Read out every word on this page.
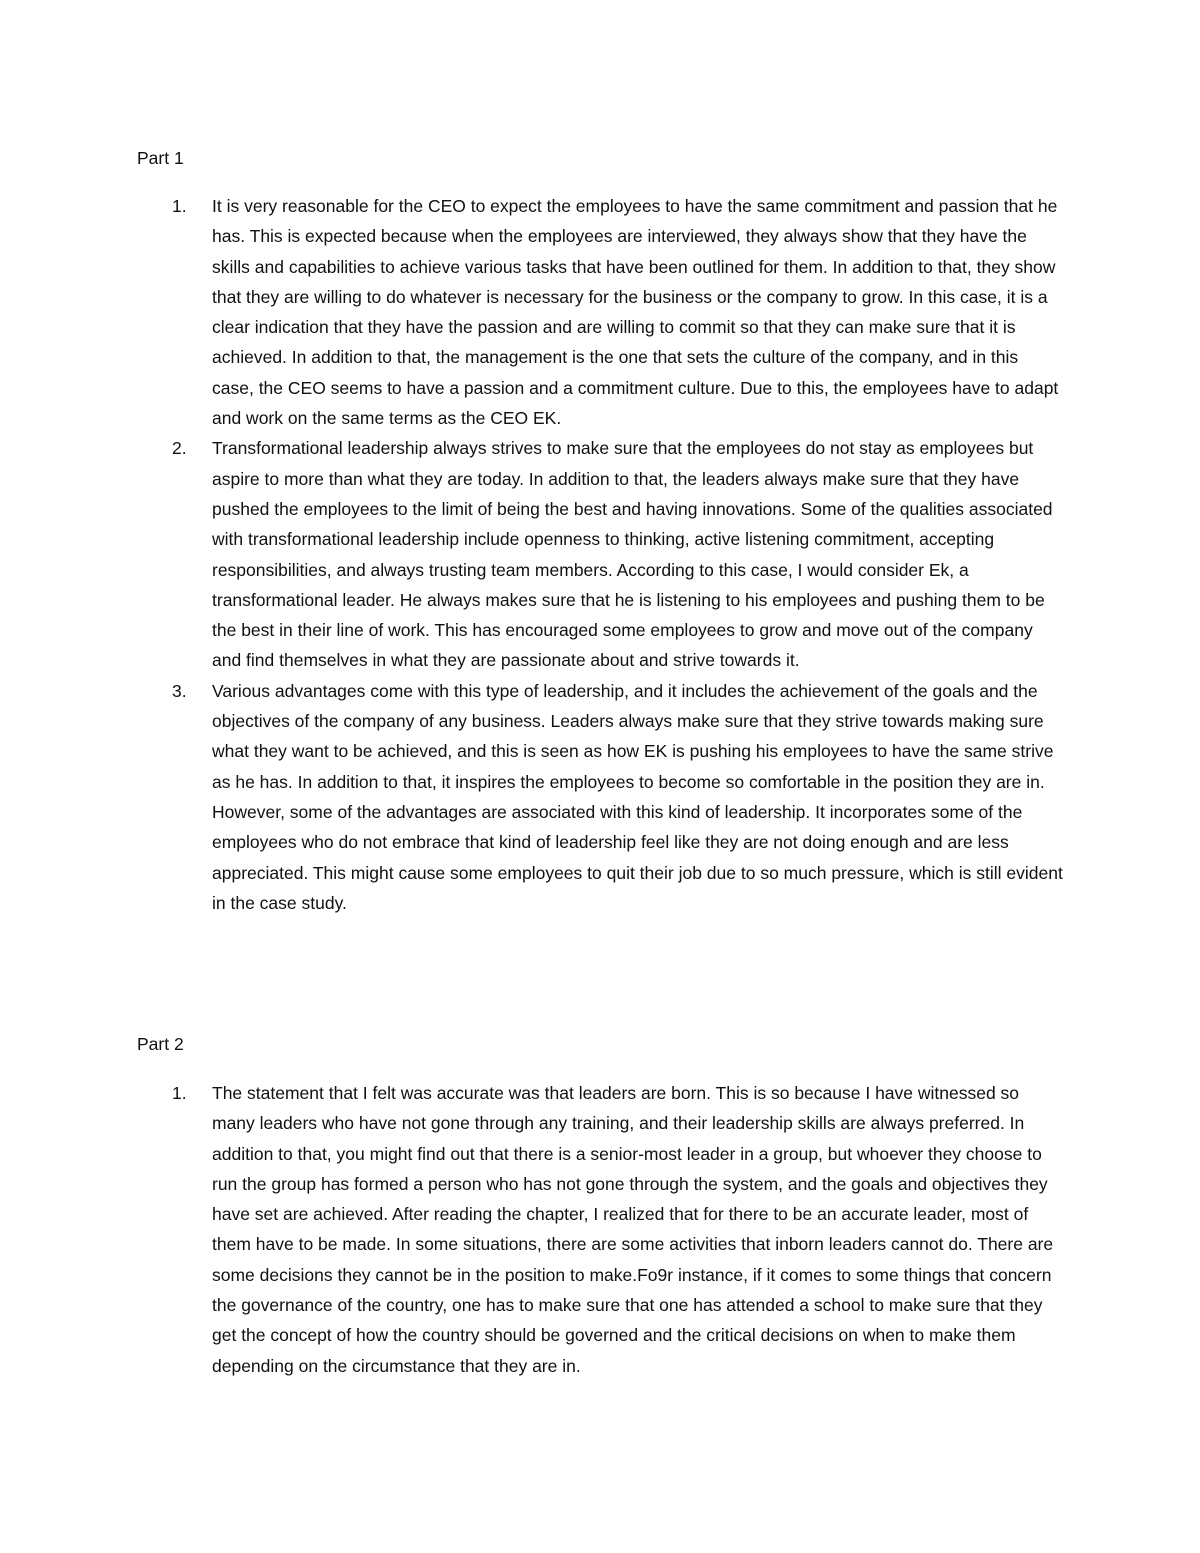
Part 1
1. It is very reasonable for the CEO to expect the employees to have the same commitment and passion that he has. This is expected because when the employees are interviewed, they always show that they have the skills and capabilities to achieve various tasks that have been outlined for them. In addition to that, they show that they are willing to do whatever is necessary for the business or the company to grow. In this case, it is a clear indication that they have the passion and are willing to commit so that they can make sure that it is achieved. In addition to that, the management is the one that sets the culture of the company, and in this case, the CEO seems to have a passion and a commitment culture. Due to this, the employees have to adapt and work on the same terms as the CEO EK.
2. Transformational leadership always strives to make sure that the employees do not stay as employees but aspire to more than what they are today. In addition to that, the leaders always make sure that they have pushed the employees to the limit of being the best and having innovations. Some of the qualities associated with transformational leadership include openness to thinking, active listening commitment, accepting responsibilities, and always trusting team members. According to this case, I would consider Ek, a transformational leader. He always makes sure that he is listening to his employees and pushing them to be the best in their line of work. This has encouraged some employees to grow and move out of the company and find themselves in what they are passionate about and strive towards it.
3. Various advantages come with this type of leadership, and it includes the achievement of the goals and the objectives of the company of any business. Leaders always make sure that they strive towards making sure what they want to be achieved, and this is seen as how EK is pushing his employees to have the same strive as he has. In addition to that, it inspires the employees to become so comfortable in the position they are in. However, some of the advantages are associated with this kind of leadership. It incorporates some of the employees who do not embrace that kind of leadership feel like they are not doing enough and are less appreciated. This might cause some employees to quit their job due to so much pressure, which is still evident in the case study.
Part 2
1. The statement that I felt was accurate was that leaders are born. This is so because I have witnessed so many leaders who have not gone through any training, and their leadership skills are always preferred. In addition to that, you might find out that there is a senior-most leader in a group, but whoever they choose to run the group has formed a person who has not gone through the system, and the goals and objectives they have set are achieved. After reading the chapter, I realized that for there to be an accurate leader, most of them have to be made. In some situations, there are some activities that inborn leaders cannot do. There are some decisions they cannot be in the position to make.Fo9r instance, if it comes to some things that concern the governance of the country, one has to make sure that one has attended a school to make sure that they get the concept of how the country should be governed and the critical decisions on when to make them depending on the circumstance that they are in.
